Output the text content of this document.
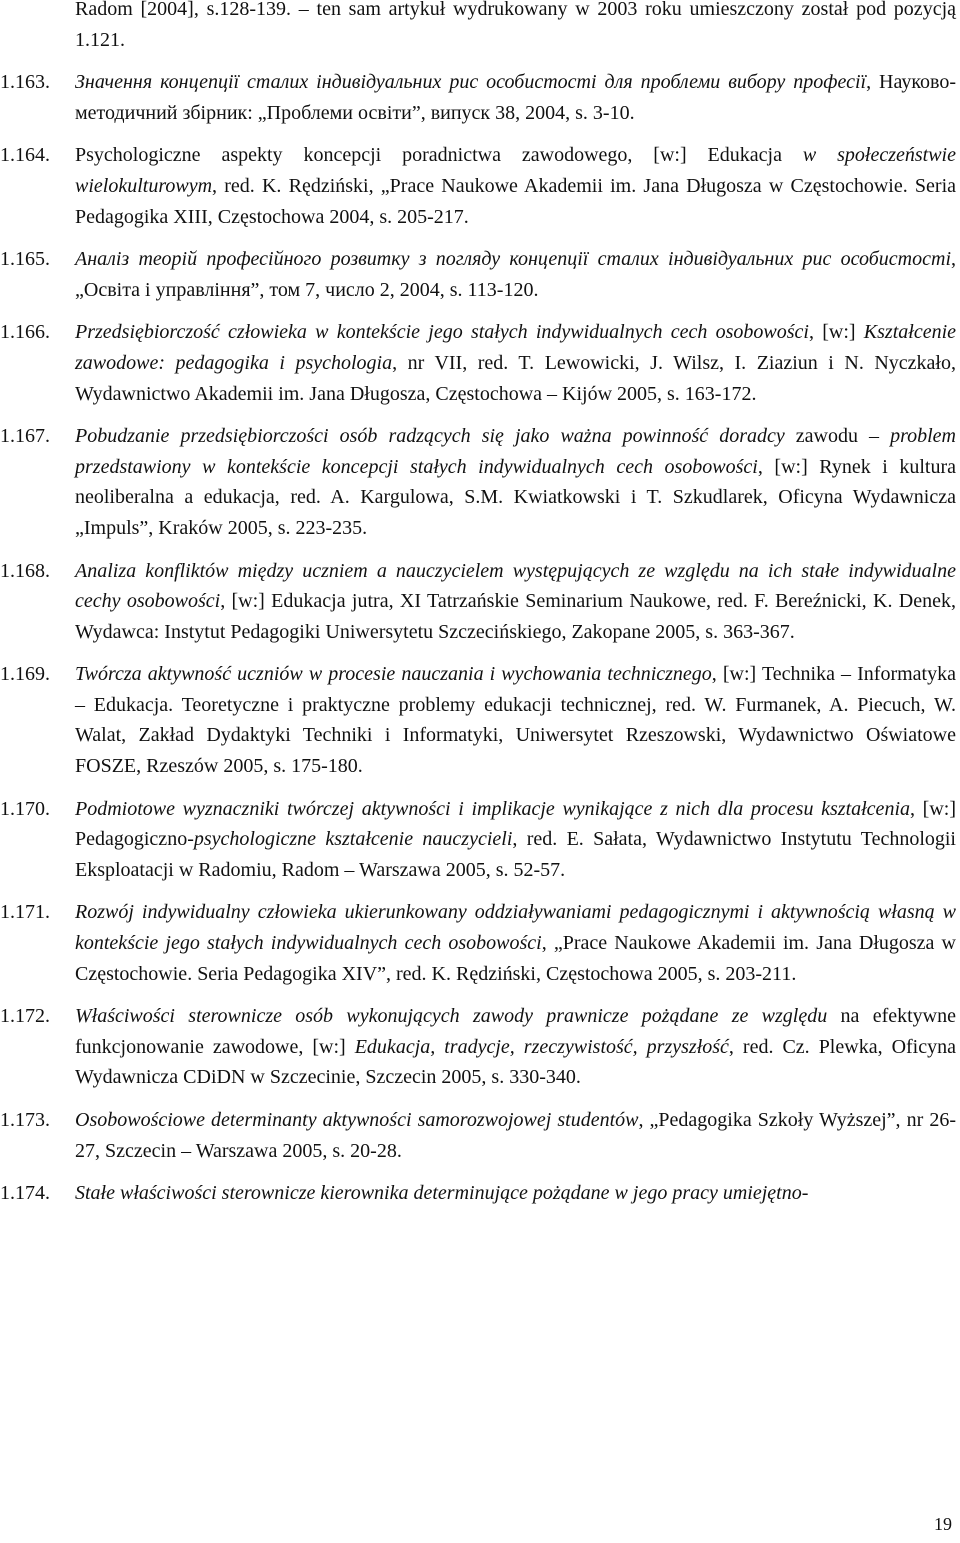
Radom [2004], s.128-139. – ten sam artykuł wydrukowany w 2003 roku umieszczony został pod pozycją 1.121.
1.163. Значення концепції сталих індивідуальних рис особистості для проблеми вибору професії, Науково-методичний збірник: „Проблеми освіти”, випуск 38, 2004, s. 3-10.
1.164. Psychologiczne aspekty koncepcji poradnictwa zawodowego, [w:] Edukacja w społeczeństwie wielokulturowym, red. K. Rędziński, „Prace Naukowe Akademii im. Jana Długosza w Częstochowie. Seria Pedagogika XIII, Częstochowa 2004, s. 205-217.
1.165. Аналіз теорій професійного розвитку з погляду концепції сталих індивідуальних рис особистості, „Освіта і управління”, том 7, число 2, 2004, s. 113-120.
1.166. Przedsiębiorczość człowieka w kontekście jego stałych indywidualnych cech osobowości, [w:] Kształcenie zawodowe: pedagogika i psychologia, nr VII, red. T. Lewowicki, J. Wilsz, I. Ziaziun i N. Nyczkało, Wydawnictwo Akademii im. Jana Długosza, Częstochowa – Kijów 2005, s. 163-172.
1.167. Pobudzanie przedsiębiorczości osób radzących się jako ważna powinność doradcy zawodu – problem przedstawiony w kontekście koncepcji stałych indywidualnych cech osobowości, [w:] Rynek i kultura neoliberalna a edukacja, red. A. Kargulowa, S.M. Kwiatkowski i T. Szkudlarek, Oficyna Wydawnicza „Impuls”, Kraków 2005, s. 223-235.
1.168. Analiza konfliktów między uczniem a nauczycielem występujących ze względu na ich stałe indywidualne cechy osobowości, [w:] Edukacja jutra, XI Tatrzańskie Seminarium Naukowe, red. F. Bereźnicki, K. Denek, Wydawca: Instytut Pedagogiki Uniwersytetu Szczecińskiego, Zakopane 2005, s. 363-367.
1.169. Twórcza aktywność uczniów w procesie nauczania i wychowania technicznego, [w:] Technika – Informatyka – Edukacja. Teoretyczne i praktyczne problemy edukacji technicznej, red. W. Furmanek, A. Piecuch, W. Walat, Zakład Dydaktyki Techniki i Informatyki, Uniwersytet Rzeszowski, Wydawnictwo Oświatowe FOSZE, Rzeszów 2005, s. 175-180.
1.170. Podmiotowe wyznaczniki twórczej aktywności i implikacje wynikające z nich dla procesu kształcenia, [w:] Pedagogiczno-psychologiczne kształcenie nauczycieli, red. E. Sałata, Wydawnictwo Instytutu Technologii Eksploatacji w Radomiu, Radom – Warszawa 2005, s. 52-57.
1.171. Rozwój indywidualny człowieka ukierunkowany oddziaływaniami pedagogicznymi i aktywnością własną w kontekście jego stałych indywidualnych cech osobowości, „Prace Naukowe Akademii im. Jana Długosza w Częstochowie. Seria Pedagogika XIV”, red. K. Rędziński, Częstochowa 2005, s. 203-211.
1.172. Właściwości sterownicze osób wykonujących zawody prawnicze pożądane ze względu na efektywne funkcjonowanie zawodowe, [w:] Edukacja, tradycje, rzeczywistość, przyszłość, red. Cz. Plewka, Oficyna Wydawnicza CDiDN w Szczecinie, Szczecin 2005, s. 330-340.
1.173. Osobowościowe determinanty aktywności samorozwojowej studentów, „Pedagogika Szkoły Wyższej”, nr 26-27, Szczecin – Warszawa 2005, s. 20-28.
1.174. Stałe właściwości sterownicze kierownika determinujące pożądane w jego pracy umiejętno-
19
